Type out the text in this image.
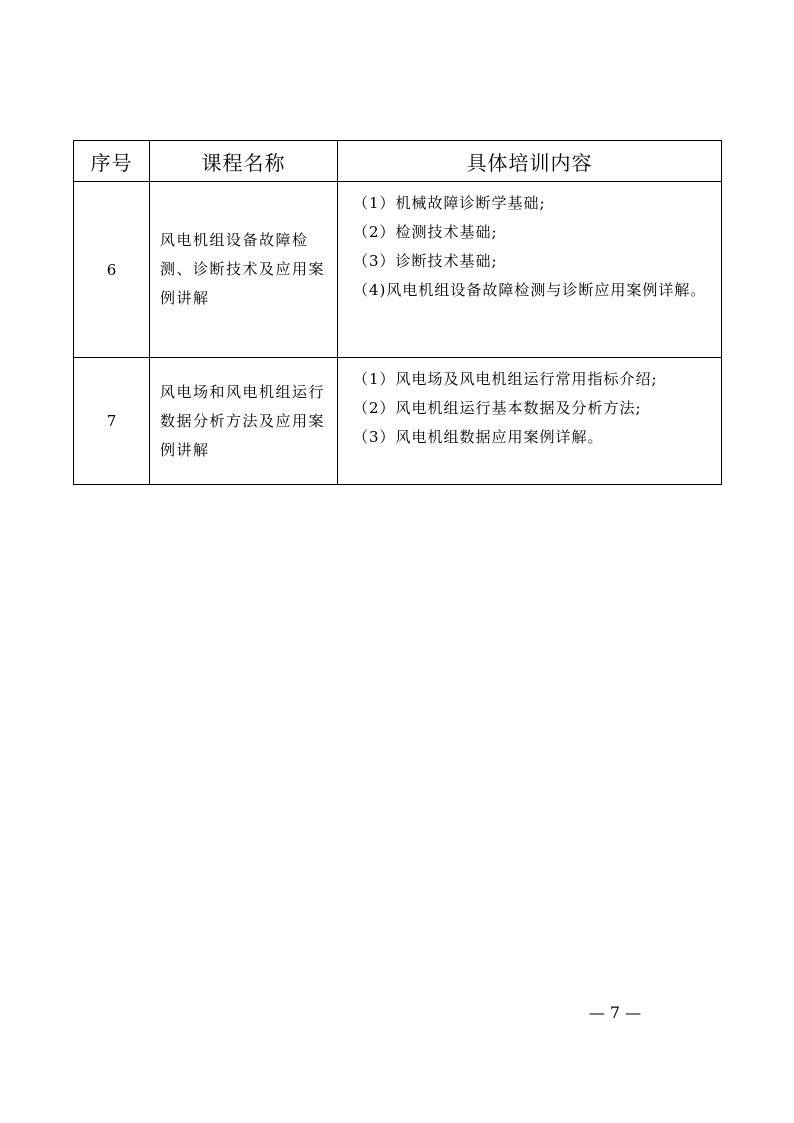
序号	课程名称	具体培训内容
6	风电机组设备故障检测、诊断技术及应用案例讲解	（1）机械故障诊断学基础;
（2）检测技术基础;
（3）诊断技术基础;
（4)风电机组设备故障检测与诊断应用案例详解。

7	风电场和风电机组运行数据分析方法及应用案例讲解	（1）风电场及风电机组运行常用指标介绍;
（2）风电机组运行基本数据及分析方法;
（3）风电机组数据应用案例详解。
— 7 —
